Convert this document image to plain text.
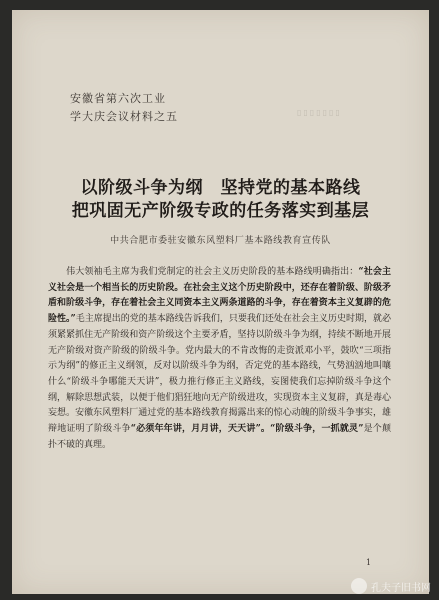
安徽省第六次工业
学大庆会议材料之五	▯▯▯▯▯▯▯
以阶级斗争为纲　坚持党的基本路线
把巩固无产阶级专政的任务落实到基层
中共合肥市委驻安徽东风塑料厂基本路线教育宣传队

伟大领袖毛主席为我们党制定的社会主义历史阶段的基本路线明确指出：“社会主义社会是一个相当长的历史阶段。在社会主义这个历史阶段中，还存在着阶级、阶级矛盾和阶级斗争，存在着社会主义同资本主义两条道路的斗争，存在着资本主义复辟的危险性。”毛主席提出的党的基本路线告诉我们，只要我们还处在社会主义历史时期，就必须紧紧抓住无产阶级和资产阶级这个主要矛盾，坚持以阶级斗争为纲，持续不断地开展无产阶级对资产阶级的阶级斗争。党内最大的不肯改悔的走资派邓小平，鼓吹“三项指示为纲”的修正主义纲领，反对以阶级斗争为纲，否定党的基本路线，气势汹汹地叫嚷什么“阶级斗争哪能天天讲”，极力推行修正主义路线，妄图使我们忘掉阶级斗争这个纲，解除思想武装，以便于他们猖狂地向无产阶级进攻，实现资本主义复辟，真是毒心妄想。安徽东风塑料厂通过党的基本路线教育揭露出来的惊心动魄的阶级斗争事实，雄辩地证明了阶级斗争“必须年年讲，月月讲，天天讲”。“阶级斗争，一抓就灵”是个颠扑不破的真理。

1
孔夫子旧书网
